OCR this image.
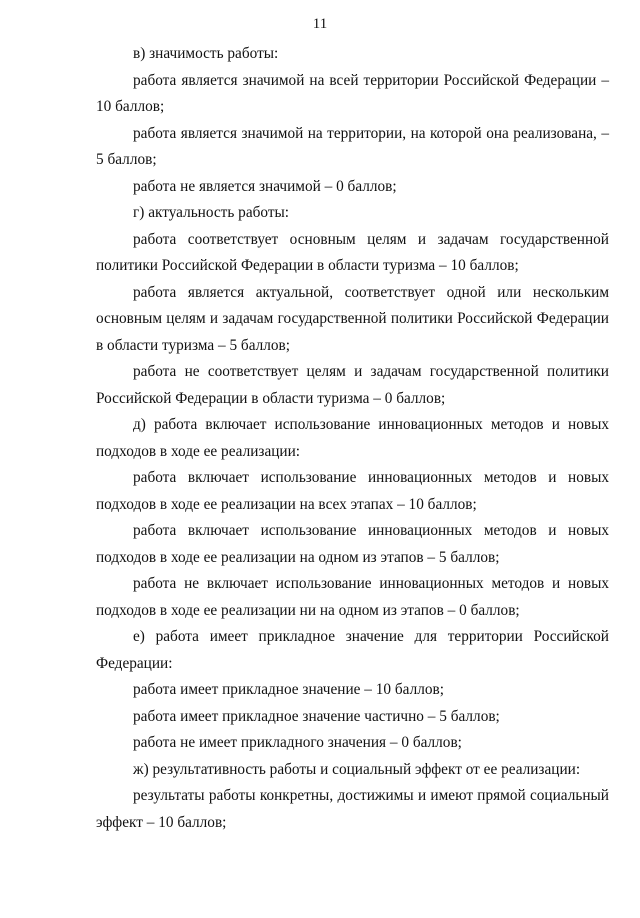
11

в) значимость работы:

работа является значимой на всей территории Российской Федерации – 10 баллов;

работа является значимой на территории, на которой она реализована, – 5 баллов;

работа не является значимой – 0 баллов;

г) актуальность работы:

работа соответствует основным целям и задачам государственной политики Российской Федерации в области туризма – 10 баллов;

работа является актуальной, соответствует одной или нескольким основным целям и задачам государственной политики Российской Федерации в области туризма – 5 баллов;

работа не соответствует целям и задачам государственной политики Российской Федерации в области туризма – 0 баллов;

д) работа включает использование инновационных методов и новых подходов в ходе ее реализации:

работа включает использование инновационных методов и новых подходов в ходе ее реализации на всех этапах – 10 баллов;

работа включает использование инновационных методов и новых подходов в ходе ее реализации на одном из этапов – 5 баллов;

работа не включает использование инновационных методов и новых подходов в ходе ее реализации ни на одном из этапов – 0 баллов;

е) работа имеет прикладное значение для территории Российской Федерации:

работа имеет прикладное значение – 10 баллов;

работа имеет прикладное значение частично – 5 баллов;

работа не имеет прикладного значения – 0 баллов;

ж) результативность работы и социальный эффект от ее реализации:

результаты работы конкретны, достижимы и имеют прямой социальный эффект – 10 баллов;
